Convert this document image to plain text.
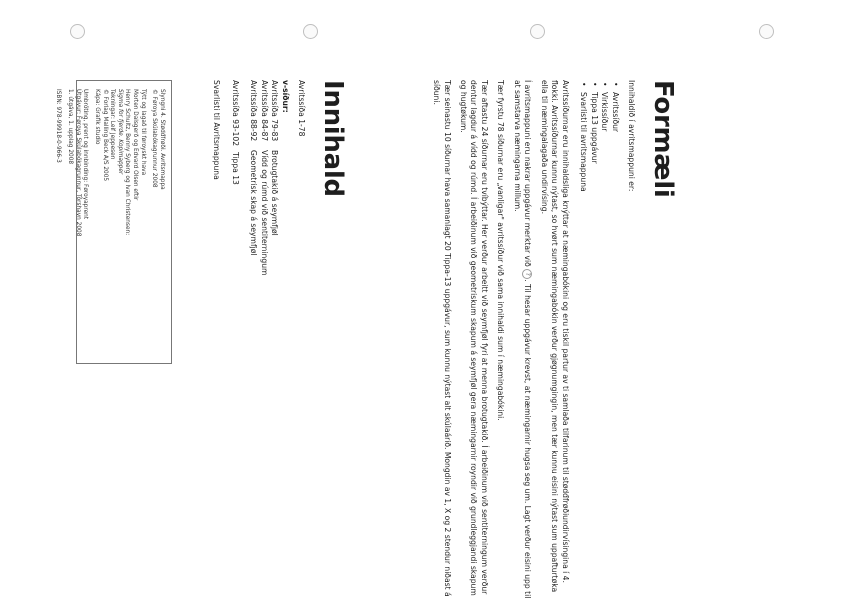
Formæli

Innihaldið í avritsmappuni er:

• Avritssíður
• Virkissíður
• Tippa 13 uppgávur
• Svarlisti til avritsmappuna

Avritssíðurnar eru innihaldsliga knýttar at næmingabókini og eru tiskil partur av ti samlaða tilfarinum til stødđfrøðiundirvísingina í 4. flokki. Avritssíðurnar kunnu nýtast, so hvørt sum næmingabókin verður gjøgnumgingin, men tær kunnu eisini nýtast sum uppafturtøka ella til næmingalagaða undirvísing.

Í avritsmappuni eru nakrar uppgávur merktar við ?. Til hesar uppgávur krevst, at næmingarnir hugsa seg um. Lagt verður eisini upp til at samstarva næmingarna millum.

Tær fyrstu 78 síðurnar eru „vanligar" avritssíður við sama innihaldi sum í næmingabókini.

Tær aftastu 24 síðurnar eru tvíbýttar. Her verður arbeitt við seymfjøl fyri at menna brotugtakið. Í arbeiðinum við sentiterningum verður dentur lagdur á vídd og rúmd. Í arbeiðinum við geometriskum skapum á seymfjøl gera næmingarnir royndir við grundleggjandi skapum og hugtøkum.

Tær seinastu 10 síðurnar hava samanlagt 20 Tippa-13 uppgávur, sum kunnu nýtast alt skúlaárið. Mongdin av 1, X og 2 stendur niðast á síðuni.

Innihald

Avritssíða 1-78

v-síður:
Avritssíða 79-83
Brotugtakið á seymfjøl
Avritssíða 84-87
Vídd og rúmd við sentiterningum
Avritssíða 88-92
Geometrisk skap á seymfjøl
Avritssíða 93-102
Tippa 13
Svarlisti til Avritsmappuna

Slyngni 4. Stødđfrøði. Avritsmappa
© Føroya Skúlabókagrunnur 2008

Týtt og lagað til føroyskt hava
Morten Dalsgerð og Edvard Olsen eftir
Henry Schultz, Benny Syberg og Ivan Christensen:
Sigma for fjerde. Kopimapper
Tekningar: Leif Jeppesen
© Forlag Malling Beck A/S 2005
Kápa: Grafik studio

Umbróting, prent og innbinding: Føroyaprent
Útgávur: Føroya Skúlabókagrunnur, Tórshavn 2008
1. útgáva, 1. upplag 2008

ISBN: 978-99918-0-966-3
